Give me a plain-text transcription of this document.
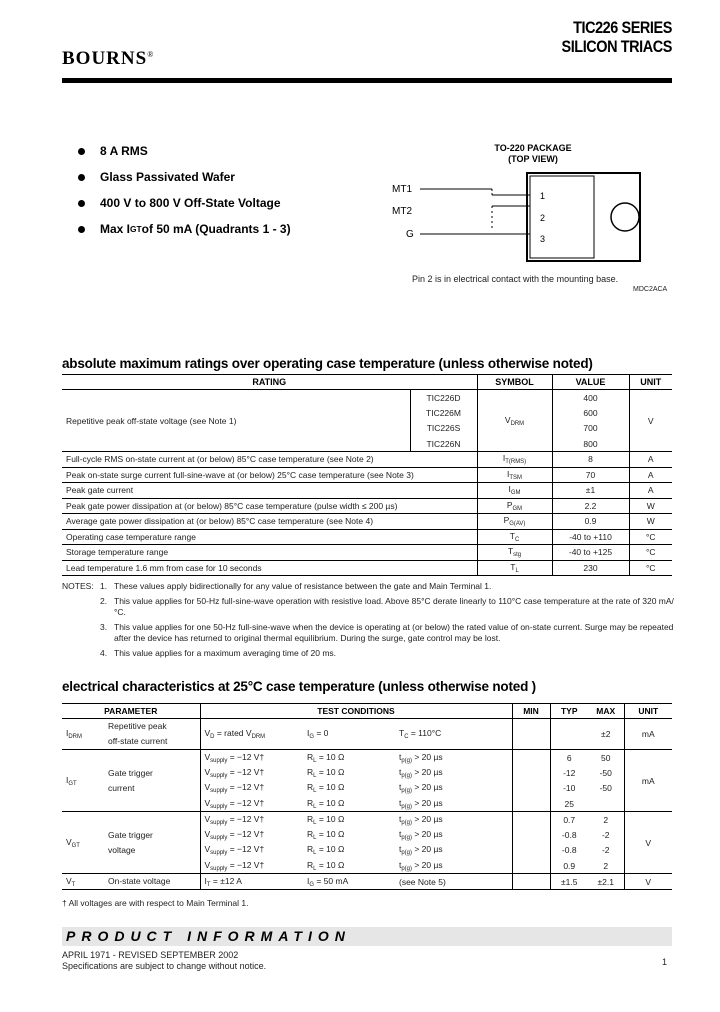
BOURNS®
TIC226 SERIES
SILICON TRIACS
8 A RMS
Glass Passivated Wafer
400 V to 800 V Off-State Voltage
Max I GT of 50 mA (Quadrants 1 - 3)
TO-220 PACKAGE
(TOP VIEW)
MT1
MT2
G
1
2
3
Pin 2 is in electrical contact with the mounting base.
MDC2ACA
absolute maximum ratings over operating case temperature (unless otherwise noted)
RATING		SYMBOL	VALUE	UNIT
Repetitive peak off-state voltage (see Note 1)	TIC226D	$V_{DRM}$	400	V
	TIC226M		600	
	TIC226S		700	
	TIC226N		800	
Full-cycle RMS on-state current at (or below) 85°C case temperature (see Note 2)		$I_{T(RMS)}$	8	A
Peak on-state surge current full-sine-wave at (or below) 25°C case temperature (see Note 3)		$I_{TSM}$	70	A
Peak gate current		$I_{GM}$	±1	A
Peak gate power dissipation at (or below) 85°C case temperature (pulse width ≤ 200 µs)		$P_{GM}$	2.2	W
Average gate power dissipation at (or below) 85°C case temperature (see Note 4)		$P_{G(AV)}$	0.9	W
Operating case temperature range		$T_C$	-40 to +110	°C
Storage temperature range		$T_{stg}$	-40 to +125	°C
Lead temperature 1.6 mm from case for 10 seconds		$T_L$	230	°C
NOTES: 1. These values apply bidirectionally for any value of resistance between the gate and Main Terminal 1.
2. This value applies for 50-Hz full-sine-wave operation with resistive load. Above 85°C derate linearly to 110°C case temperature at the rate of 320 mA/°C.
3. This value applies for one 50-Hz full-sine-wave when the device is operating at (or below) the rated value of on-state current. Surge may be repeated after the device has returned to original thermal equilibrium. During the surge, gate control may be lost.
4. This value applies for a maximum averaging time of 20 ms.
electrical characteristics at 25°C case temperature (unless otherwise noted )
PARAMETER		TEST CONDITIONS			MIN	TYP	MAX	UNIT
$I_{DRM}$	Repetitive peak
off-state current	$V_D$ = rated $V_{DRM}$	$I_G = 0$	$T_C = 110^\circ C$			±2	mA
$I_{GT}$	Gate trigger
current	$V_{supply} = -12$ V†	$R_L = 10$ Ω	$t_{p(g)} > 20$ µs		6	50	mA
		$V_{supply} = -12$ V†	$R_L = 10$ Ω	$t_{p(g)} > 20$ µs		-12	-50	
		$V_{supply} = -12$ V†	$R_L = 10$ Ω	$t_{p(g)} > 20$ µs		-10	-50	
		$V_{supply} = -12$ V†	$R_L = 10$ Ω	$t_{p(g)} > 20$ µs		25		
$V_{GT}$	Gate trigger
voltage	$V_{supply} = -12$ V†	$R_L = 10$ Ω	$t_{p(g)} > 20$ µs		0.7	2	V
		$V_{supply} = -12$ V†	$R_L = 10$ Ω	$t_{p(g)} > 20$ µs		-0.8	-2	
		$V_{supply} = -12$ V†	$R_L = 10$ Ω	$t_{p(g)} > 20$ µs		-0.8	-2	
		$V_{supply} = -12$ V†	$R_L = 10$ Ω	$t_{p(g)} > 20$ µs		0.9	2	
$V_T$	On-state voltage	$I_T = \pm 12$ A	$I_G = 50$ mA	(see Note 5)		±1.5	±2.1	V
† All voltages are with respect to Main Terminal 1.
PRODUCT INFORMATION
APRIL 1971 - REVISED SEPTEMBER 2002
Specifications are subject to change without notice.	1
